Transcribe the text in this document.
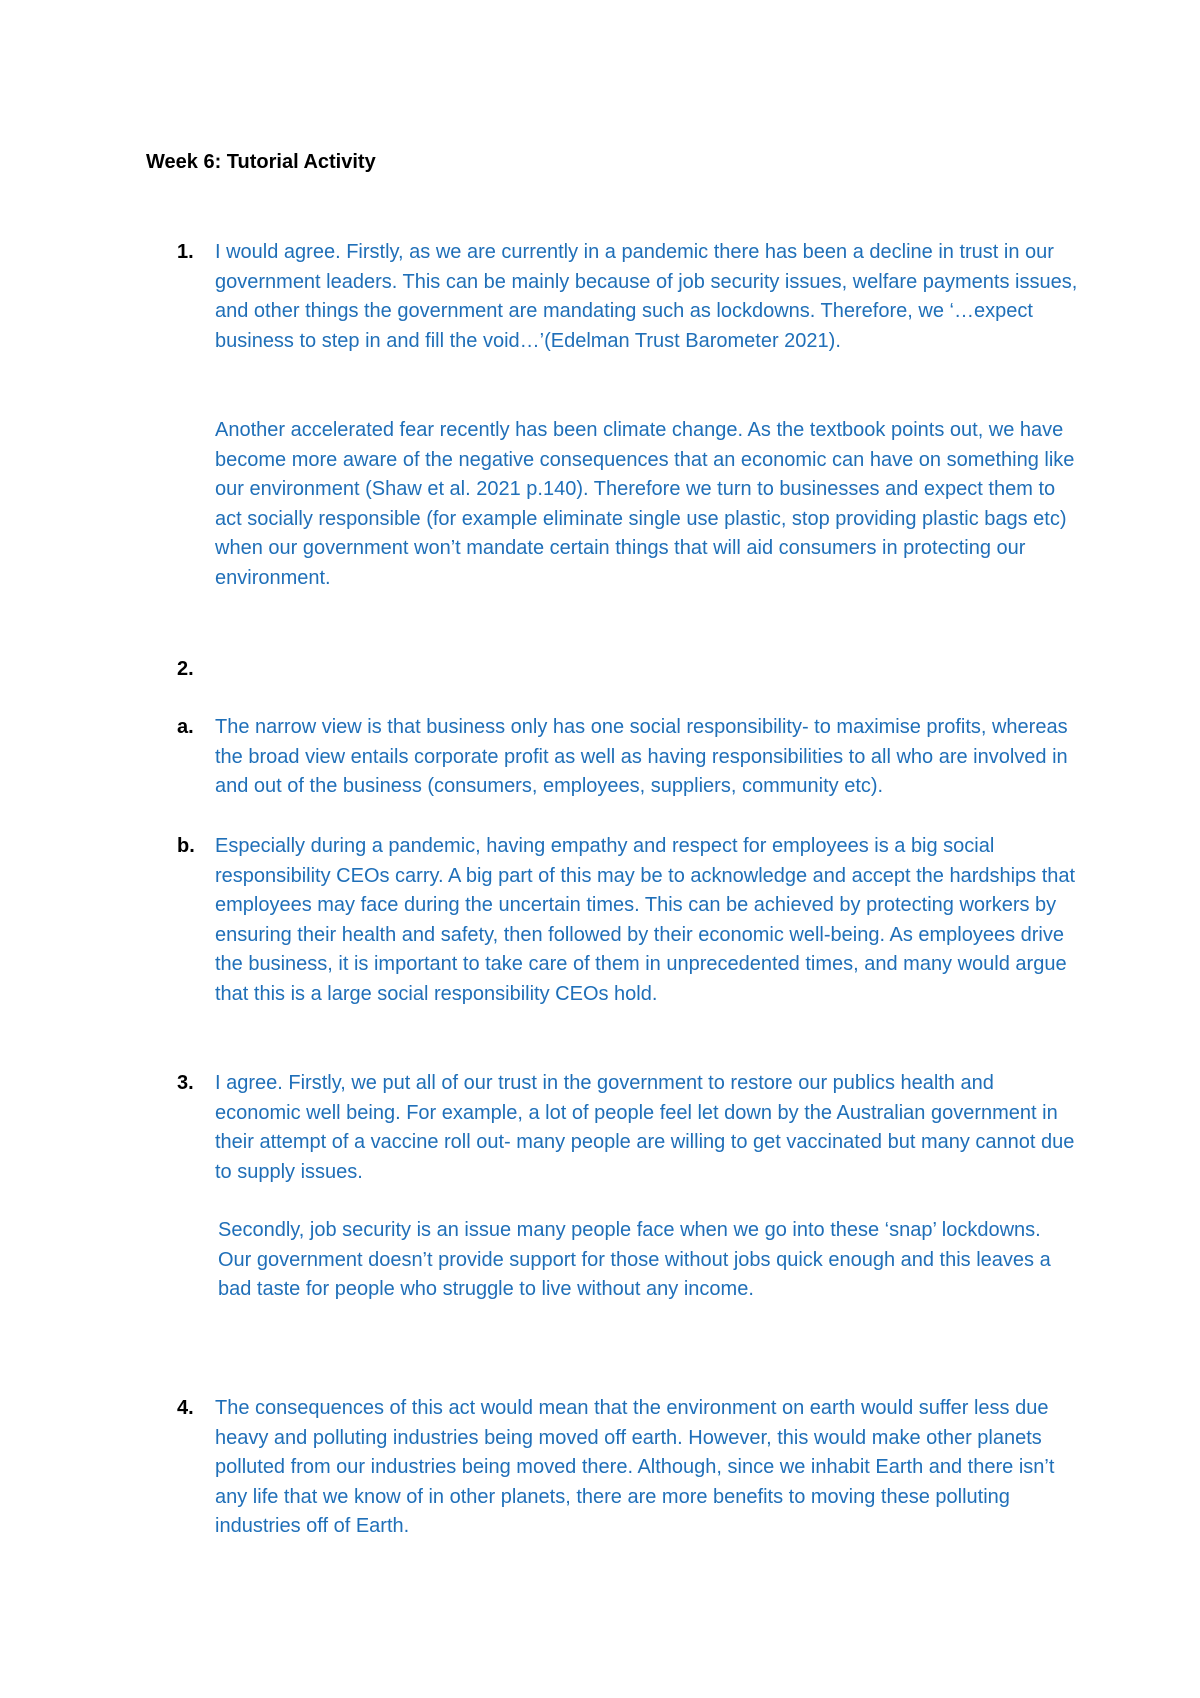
Week 6: Tutorial Activity
1. I would agree. Firstly, as we are currently in a pandemic there has been a decline in trust in our government leaders. This can be mainly because of job security issues, welfare payments issues, and other things the government are mandating such as lockdowns. Therefore, we ‘…expect business to step in and fill the void…’(Edelman Trust Barometer 2021).

Another accelerated fear recently has been climate change. As the textbook points out, we have become more aware of the negative consequences that an economic can have on something like our environment (Shaw et al. 2021 p.140). Therefore we turn to businesses and expect them to act socially responsible (for example eliminate single use plastic, stop providing plastic bags etc) when our government won’t mandate certain things that will aid consumers in protecting our environment.

2.
a. The narrow view is that business only has one social responsibility- to maximise profits, whereas the broad view entails corporate profit as well as having responsibilities to all who are involved in and out of the business (consumers, employees, suppliers, community etc).

b. Especially during a pandemic, having empathy and respect for employees is a big social responsibility CEOs carry. A big part of this may be to acknowledge and accept the hardships that employees may face during the uncertain times. This can be achieved by protecting workers by ensuring their health and safety, then followed by their economic well-being. As employees drive the business, it is important to take care of them in unprecedented times, and many would argue that this is a large social responsibility CEOs hold.

3. I agree. Firstly, we put all of our trust in the government to restore our publics health and economic well being. For example, a lot of people feel let down by the Australian government in their attempt of a vaccine roll out- many people are willing to get vaccinated but many cannot due to supply issues.

Secondly, job security is an issue many people face when we go into these ‘snap’ lockdowns. Our government doesn’t provide support for those without jobs quick enough and this leaves a bad taste for people who struggle to live without any income.

4. The consequences of this act would mean that the environment on earth would suffer less due heavy and polluting industries being moved off earth. However, this would make other planets polluted from our industries being moved there. Although, since we inhabit Earth and there isn’t any life that we know of in other planets, there are more benefits to moving these polluting industries off of Earth.
